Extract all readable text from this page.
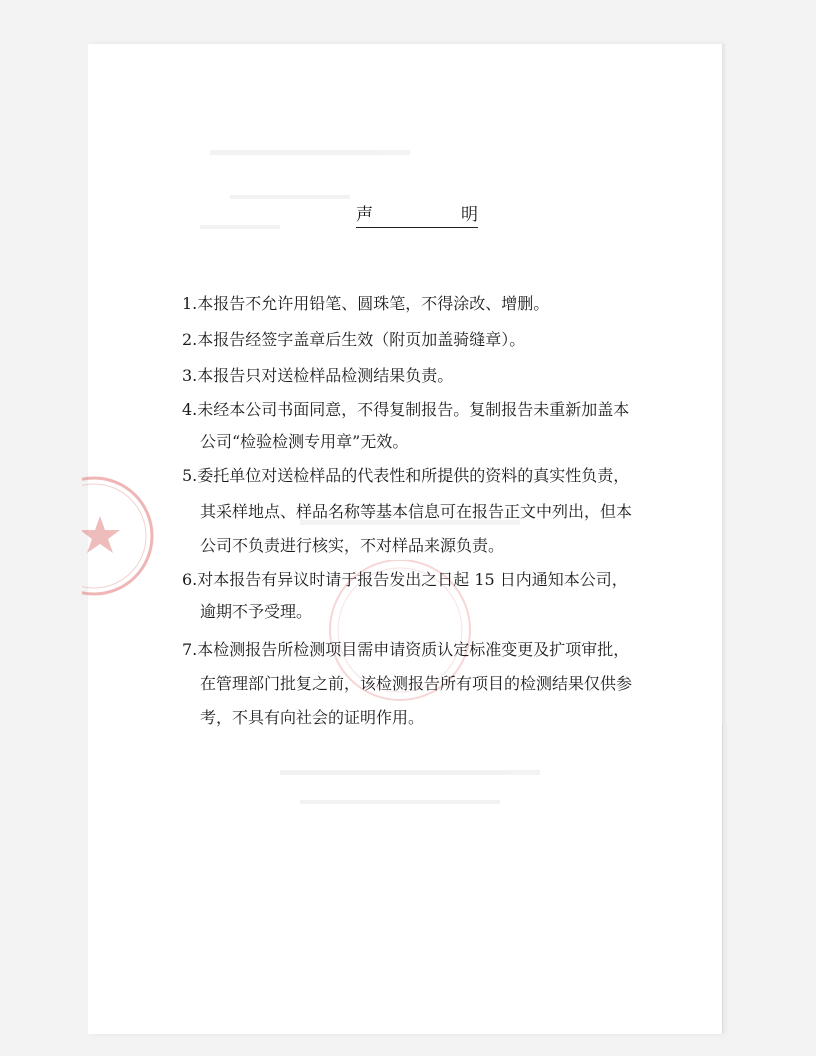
声	明
1.本报告不允许用铅笔、圆珠笔，不得涂改、增删。
2.本报告经签字盖章后生效（附页加盖骑缝章）。
3.本报告只对送检样品检测结果负责。
4.未经本公司书面同意，不得复制报告。复制报告未重新加盖本
公司“检验检测专用章”无效。
5.委托单位对送检样品的代表性和所提供的资料的真实性负责，
其采样地点、样品名称等基本信息可在报告正文中列出，但本
公司不负责进行核实，不对样品来源负责。
6.对本报告有异议时请于报告发出之日起 15 日内通知本公司，
逾期不予受理。
7.本检测报告所检测项目需申请资质认定标准变更及扩项审批，
在管理部门批复之前，该检测报告所有项目的检测结果仅供参
考，不具有向社会的证明作用。
